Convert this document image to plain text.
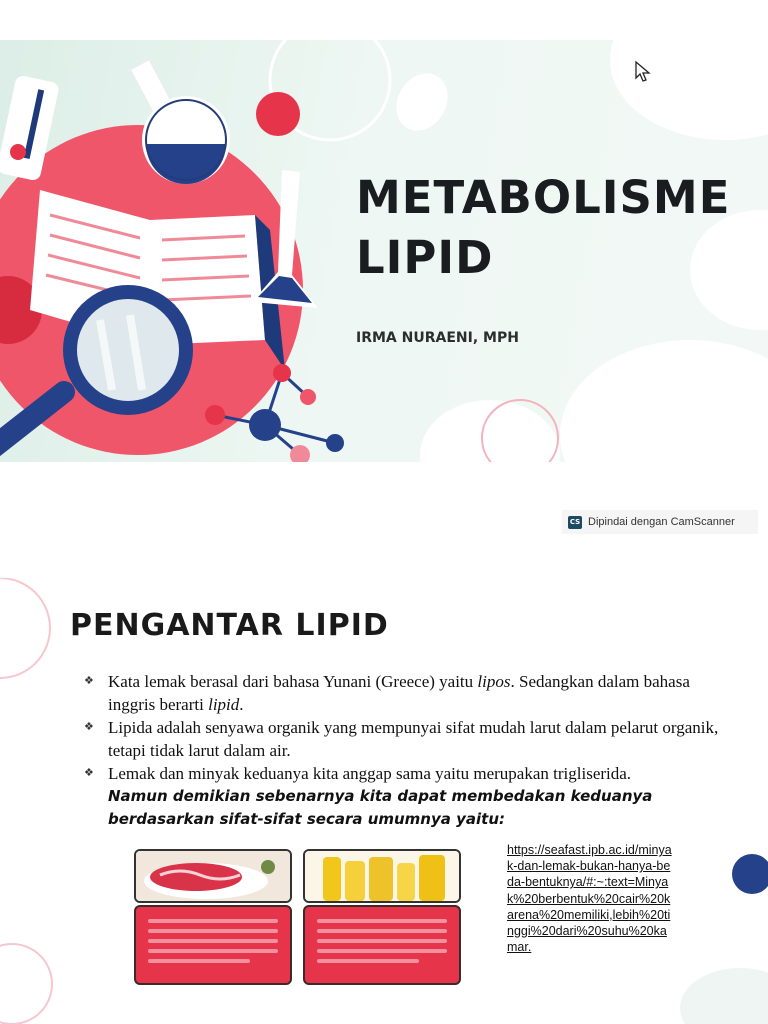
METABOLISME
LIPID
IRMA NURAENI, MPH
CS Dipindai dengan CamScanner
PENGANTAR LIPID
❖ Kata lemak berasal dari bahasa Yunani (Greece) yaitu lipos. Sedangkan dalam bahasa inggris berarti lipid.
❖ Lipida adalah senyawa organik yang mempunyai sifat mudah larut dalam pelarut organik, tetapi tidak larut dalam air.
❖ Lemak dan minyak keduanya kita anggap sama yaitu merupakan trigliserida.
Namun demikian sebenarnya kita dapat membedakan keduanya berdasarkan sifat-sifat secara umumnya yaitu:
https://seafast.ipb.ac.id/minyak-dan-lemak-bukan-hanya-beda-bentuknya/#:~:text=Minyak%20berbentuk%20cair%20karena%20memiliki,lebih%20tinggi%20dari%20suhu%20kamar.
